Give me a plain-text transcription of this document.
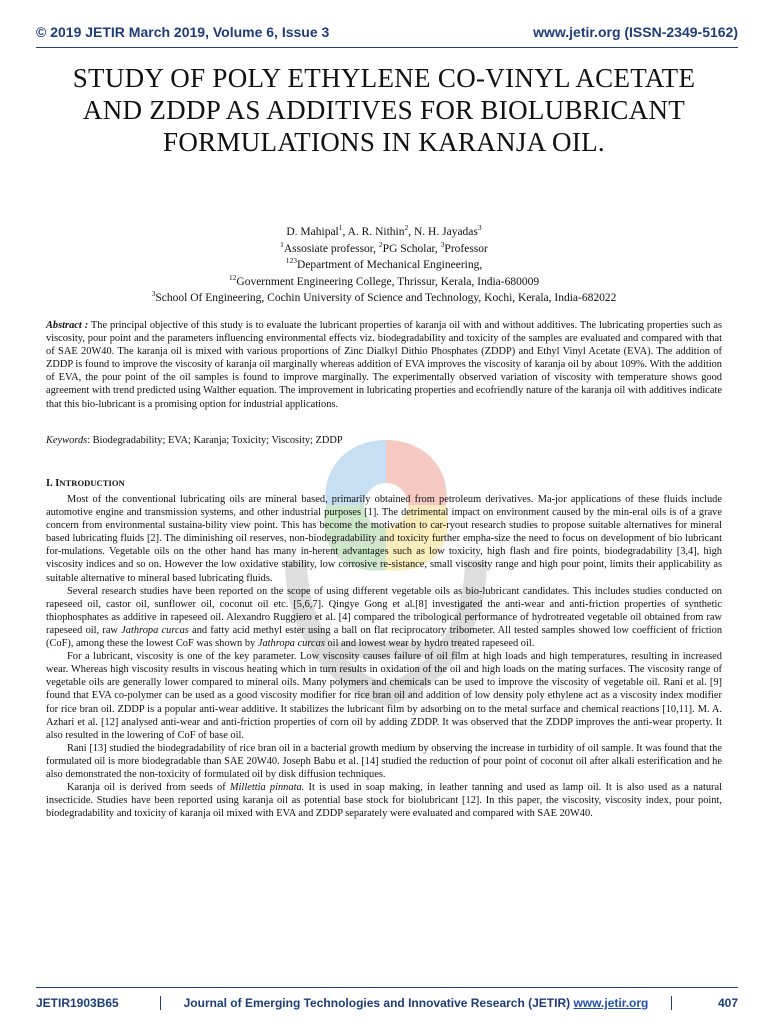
© 2019 JETIR March 2019, Volume 6, Issue 3	www.jetir.org (ISSN-2349-5162)
STUDY OF POLY ETHYLENE CO-VINYL ACETATE AND ZDDP AS ADDITIVES FOR BIOLUBRICANT FORMULATIONS IN KARANJA OIL.
D. Mahipal$^1$, A. R. Nithin$^2$, N. H. Jayadas$^3$
$^1$Assosiate professor, $^2$PG Scholar, $^3$Professor
$^{123}$Department of Mechanical Engineering,
$^{12}$Government Engineering College, Thrissur, Kerala, India-680009
$^3$School Of Engineering, Cochin University of Science and Technology, Kochi, Kerala, India-682022
Abstract : The principal objective of this study is to evaluate the lubricant properties of karanja oil with and without additives. The lubricating properties such as viscosity, pour point and the parameters influencing environmental effects viz. biodegradability and toxicity of the samples are evaluated and compared with that of SAE 20W40. The karanja oil is mixed with various proportions of Zinc Dialkyl Dithio Phosphates (ZDDP) and Ethyl Vinyl Acetate (EVA). The addition of ZDDP is found to improve the viscosity of karanja oil marginally whereas addition of EVA improves the viscosity of karanja oil by about 109%. With the addition of EVA, the pour point of the oil samples is found to improve marginally. The experimentally observed variation of viscosity with temperature shows good agreement with trend predicted using Walther equation. The improvement in lubricating properties and ecofriendly nature of the karanja oil with additives indicate that this bio-lubricant is a promising option for industrial applications.
Keywords: Biodegradability; EVA; Karanja; Toxicity; Viscosity; ZDDP
I. INTRODUCTION

Most of the conventional lubricating oils are mineral based, primarily obtained from petroleum derivatives. Ma-jor applications of these fluids include automotive engine and transmission systems, and other industrial purposes [1]. The detrimental impact on environment caused by the min-eral oils is of a grave concern from environmental sustaina-bility view point. This has become the motivation to car-ryout research studies to propose suitable alternatives for mineral based lubricating fluids [2]. The diminishing oil reserves, non-biodegradability and toxicity further empha-size the need to focus on development of bio lubricant for-mulations. Vegetable oils on the other hand has many in-herent advantages such as low toxicity, high flash and fire points, biodegradability [3,4], high viscosity indices and so on. However the low oxidative stability, low corrosive re-sistance, small viscosity range and high pour point, limits their applicability as suitable alternative to mineral based lubricating fluids.

Several research studies have been reported on the scope of using different vegetable oils as bio-lubricant candidates. This includes studies conducted on rapeseed oil, castor oil, sunflower oil, coconut oil etc. [5,6,7]. Qingye Gong et al.[8] investigated the anti-wear and anti-friction properties of synthetic thiophosphates as additive in rapeseed oil. Alexandro Ruggiero et al. [4] compared the tribological performance of hydrotreated vegetable oil obtained from raw rapeseed oil, raw Jathropa curcas and fatty acid methyl ester using a ball on flat reciprocatory tribometer. All tested samples showed low coefficient of friction (CoF), among these the lowest CoF was shown by Jathropa curcas oil and lowest wear by hydro treated rapeseed oil.

For a lubricant, viscosity is one of the key parameter. Low viscosity causes failure of oil film at high loads and high temperatures, resulting in increased wear. Whereas high viscosity results in viscous heating which in turn results in oxidation of the oil and high loads on the mating surfaces. The viscosity range of vegetable oils are generally lower compared to mineral oils. Many polymers and chemicals can be used to improve the viscosity of vegetable oil. Rani et al. [9] found that EVA co-polymer can be used as a good viscosity modifier for rice bran oil and addition of low density poly ethylene act as a viscosity index modifier for rice bran oil. ZDDP is a popular anti-wear additive. It stabilizes the lubricant film by adsorbing on to the metal surface and chemical reactions [10,11]. M. A. Azhari et al. [12] analysed anti-wear and anti-friction properties of corn oil by adding ZDDP. It was observed that the ZDDP improves the anti-wear property. It also resulted in the lowering of CoF of base oil.

Rani [13] studied the biodegradability of rice bran oil in a bacterial growth medium by observing the increase in turbidity of oil sample. It was found that the formulated oil is more biodegradable than SAE 20W40. Joseph Babu et al. [14] studied the reduction of pour point of coconut oil after alkali esterification and he also demonstrated the non-toxicity of formulated oil by disk diffusion techniques.

Karanja oil is derived from seeds of Millettia pinnata. It is used in soap making, in leather tanning and used as lamp oil. It is also used as a natural insecticide. Studies have been reported using karanja oil as potential base stock for biolubricant [12]. In this paper, the viscosity, viscosity index, pour point, biodegradability and toxicity of karanja oil mixed with EVA and ZDDP separately were evaluated and compared with SAE 20W40.

JETIR1903B65	Journal of Emerging Technologies and Innovative Research (JETIR) www.jetir.org	407
